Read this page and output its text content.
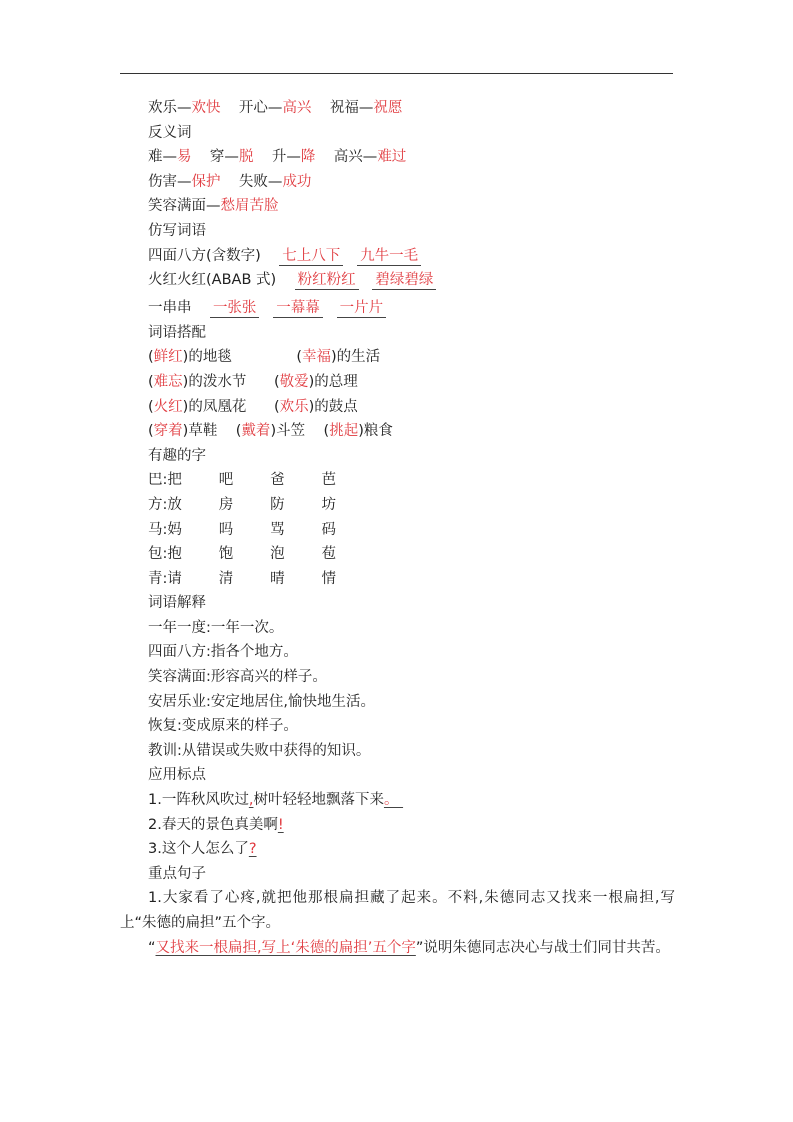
欢乐—欢快    开心—高兴    祝福—祝愿
反义词
难—易    穿—脱    升—降    高兴—难过
伤害—保护    失败—成功
笑容满面—愁眉苦脸
仿写词语
四面八方(含数字)    七上八下 九牛一毛
火红火红(ABAB 式)    粉红粉红 碧绿碧绿
一串串    一张张 一幕幕 一片片
词语搭配
(鲜红)的地毯              (幸福)的生活
(难忘)的泼水节      (敬爱)的总理
(火红)的凤凰花      (欢乐)的鼓点
(穿着)草鞋    (戴着)斗笠    (挑起)粮食
有趣的字
巴:把        吧        爸        芭
方:放        房        防        坊
马:妈        吗        骂        码
包:抱        饱        泡        苞
青:请        清        晴        情
词语解释
一年一度:一年一次。
四面八方:指各个地方。
笑容满面:形容高兴的样子。
安居乐业:安定地居住,愉快地生活。
恢复:变成原来的样子。
教训:从错误或失败中获得的知识。
应用标点
1.一阵秋风吹过,树叶轻轻地飘落下来。
2.春天的景色真美啊!
3.这个人怎么了?
重点句子
1.大家看了心疼,就把他那根扁担藏了起来。不料,朱德同志又找来一根扁担,写上“朱德的扁担”五个字。
“又找来一根扁担,写上‘朱德的扁担’五个字”说明朱德同志决心与战士们同甘共苦。
